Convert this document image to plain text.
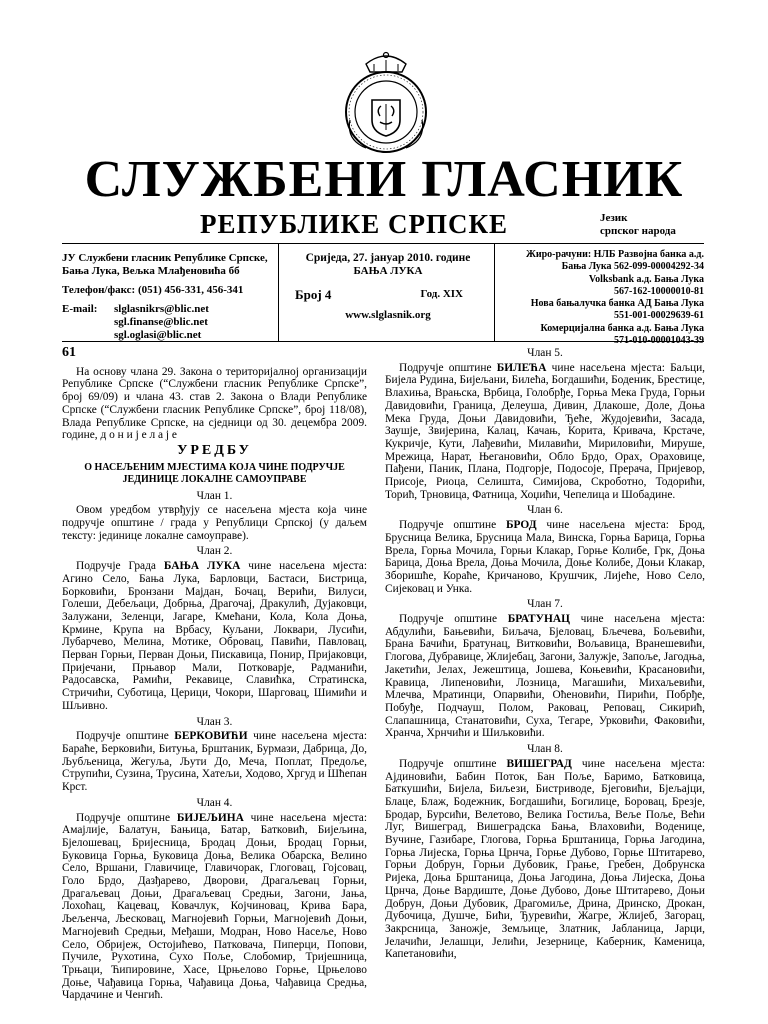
СЛУЖБЕНИ ГЛАСНИК
РЕПУБЛИКЕ СРПСКЕ	Језик
српског народа
ЈУ Службени гласник Републике Српске, Бања Лука, Вељка Млађеновића бб
Телефон/факс: (051) 456-331, 456-341
E-mail:	slglasnikrs@blic.net
sgl.finanse@blic.net
sgl.oglasi@blic.net
Сриједа, 27. јануар 2010. године
БАЊА ЛУКА
Број 4	Год. XIX
www.slglasnik.org
Жиро-рачуни: НЛБ Развојна банка а.д.
Бања Лука 562-099-00004292-34
Volksbank а.д. Бања Лука
567-162-10000010-81
Нова бањалучка банка АД Бања Лука
551-001-00029639-61
Комерцијална банка а.д. Бања Лука
571-010-00001043-39

61

На основу члана 29. Закона о територијалној организацији Републике Српске (“Службени гласник Републике Српске”, број 69/09) и члана 43. став 2. Закона о Влади Републике Српске (“Службени гласник Републике Српске”, број 118/08), Влада Републике Српске, на сједници од 30. децембра 2009. године, д о н и ј е л а ј е

УРЕДБУ

О НАСЕЉЕНИМ МЈЕСТИМА КОЈА ЧИНЕ ПОДРУЧЈЕ ЈЕДИНИЦЕ ЛОКАЛНЕ САМОУПРАВЕ

Члан 1.

Овом уредбом утврђују се насељена мјеста која чине подручје општине / града у Републици Српској (у даљем тексту: јединице локалне самоуправе).

Члан 2.

Подручје Града БАЊА ЛУКА чине насељена мјеста: Агино Село, Бања Лука, Барловци, Бастаси, Бистрица, Борковићи, Бронзани Мајдан, Бочац, Верићи, Вилуси, Голеши, Дебељаци, Добрња, Драгочај, Дракулић, Дујаковци, Залужани, Зеленци, Јагаре, Кмећани, Кола, Кола Доња, Крмине, Крупа на Врбасу, Куљани, Локвари, Лусићи, Лубарчево, Мелина, Мотике, Обровац, Павићи, Павловац, Перван Горњи, Перван Доњи, Пискавица, Понир, Пријаковци, Пријечани, Прњавор Мали, Потковарје, Радманићи, Радосавска, Рамићи, Рекавице, Славићка, Стратинска, Стричићи, Суботица, Церици, Чокори, Шарговац, Шимићи и Шљивно.

Члан 3.

Подручје општине БЕРКОВИЋИ чине насељена мјеста: Бараће, Берковићи, Битуња, Брштаник, Бурмази, Дабрица, До, Љубљеница, Жегуља, Љути До, Меча, Поплат, Предоље, Струпићи, Сузина, Трусина, Хатељи, Ходово, Хргуд и Шћепан Крст.

Члан 4.

Подручје општине БИЈЕЉИНА чине насељена мјеста: Амајлије, Балатун, Бањица, Батар, Батковић, Бијељина, Бјелошевац, Бријесница, Бродац Доњи, Бродац Горњи, Буковица Горња, Буковица Доња, Велика Обарска, Велино Село, Вршани, Главичице, Главичорак, Глоговац, Гојсовац, Голо Брдо, Дазђарево, Дворови, Драгаљевац Горњи, Драгаљевац Доњи, Драгаљевац Средњи, Загони, Јања, Лохоћац, Кацевац, Ковачлук, Којчиновац, Крива Бара, Љељенча, Љесковац, Магнојевић Горњи, Магнојевић Доњи, Магнојевић Средњи, Међаши, Модран, Ново Насеље, Ново Село, Обријеж, Остојићево, Патковача, Пиперци, Попови, Пучиле, Рухотина, Сухо Поље, Слобомир, Тријешница, Трњаци, Ћипировине, Хасе, Црњелово Горње, Црњелово Доње, Чађавица Горња, Чађавица Доња, Чађавица Средња, Чардачине и Ченгић.

Члан 5.

Подручје општине БИЛЕЋА чине насељена мјеста: Баљци, Бијела Рудина, Бијељани, Билећа, Богдашићи, Боденик, Брестице, Влахиња, Врањска, Врбица, Голобрђе, Горња Мека Груда, Горњи Давидовићи, Граница, Делеуша, Дивин, Длакоше, Доле, Доња Мека Груда, Доњи Давидовићи, Ђеће, Жудојевићи, Засада, Заушје, Звијерина, Калац, Качањ, Корита, Кривача, Крстаче, Кукричје, Кути, Лађевићи, Милавићи, Мириловићи, Мируше, Мрежица, Нарат, Његановићи, Обло Брдо, Орах, Ораховице, Пађени, Паник, Плана, Подгорје, Подосоје, Прерача, Пријевор, Присоје, Риоца, Селишта, Симијова, Скроботно, Тодорићи, Торић, Трновица, Фатница, Хоџићи, Чепелица и Шобадине.

Члан 6.

Подручје општине БРОД чине насељена мјеста: Брод, Брусница Велика, Брусница Мала, Винска, Горња Барица, Горња Врела, Горња Мочила, Горњи Клакар, Горње Колибе, Грк, Доња Барица, Доња Врела, Доња Мочила, Доње Колибе, Доњи Клакар, Зборишће, Кораће, Кричаново, Крушчик, Лијеће, Ново Село, Сијековац и Унка.

Члан 7.

Подручје општине БРАТУНАЦ чине насељена мјеста: Абдулићи, Бањевићи, Биљача, Бјеловац, Бљечева, Бољевићи, Брана Бачићи, Братунац, Витковићи, Вољавица, Вранешевићи, Глогова, Дубравице, Жлијебац, Загони, Залужје, Запоље, Јагодња, Јакетићи, Јелах, Јежештица, Јошева, Коњевићи, Красановићи, Кравица, Липеновићи, Лозница, Магашићи, Михаљевићи, Mлечва, Мратинци, Опарвићи, Оћеновићи, Пирићи, Побрђе, Побуђе, Подчауш, Полом, Раковац, Реповац, Сикирић, Слапашница, Станатовићи, Суха, Тегаре, Урковићи, Факовићи, Хранча, Хрнчићи и Шиљковићи.

Члан 8.

Подручје општине ВИШЕГРАД чине насељена мјеста: Ајдиновићи, Бабин Поток, Бан Поље, Баримо, Батковица, Баткушићи, Бијела, Биљези, Бистриводе, Бјеговићи, Бјељајци, Блаце, Блаж, Бодежник, Богдашићи, Богилице, Боровац, Брезје, Бродар, Бурсићи, Велетово, Велика Гостиља, Веље Поље, Већи Луг, Вишеград, Вишеградска Бања, Влаховићи, Воденице, Вучине, Газибаре, Глогова, Горња Брштаница, Горња Јагодина, Горња Лијеска, Горња Црнча, Горње Дубово, Горње Штитарево, Горњи Добрун, Горњи Дубовик, Грање, Гребен, Добрунска Ријека, Доња Брштаница, Доња Јагодина, Доња Лијеска, Доња Црнча, Доње Вардиште, Доње Дубово, Доње Штитарево, Доњи Добрун, Доњи Дубовик, Драгомиље, Дрина, Дринско, Дрокан, Дубочица, Душче, Бићи, Ђуревићи, Жагре, Жлијеб, Загорац, Закрсница, Заножје, Земљице, Златник, Јабланица, Јарци, Јелачићи, Јелашци, Јелићи, Језернице, Каберник, Каменица, Капетановићи,
